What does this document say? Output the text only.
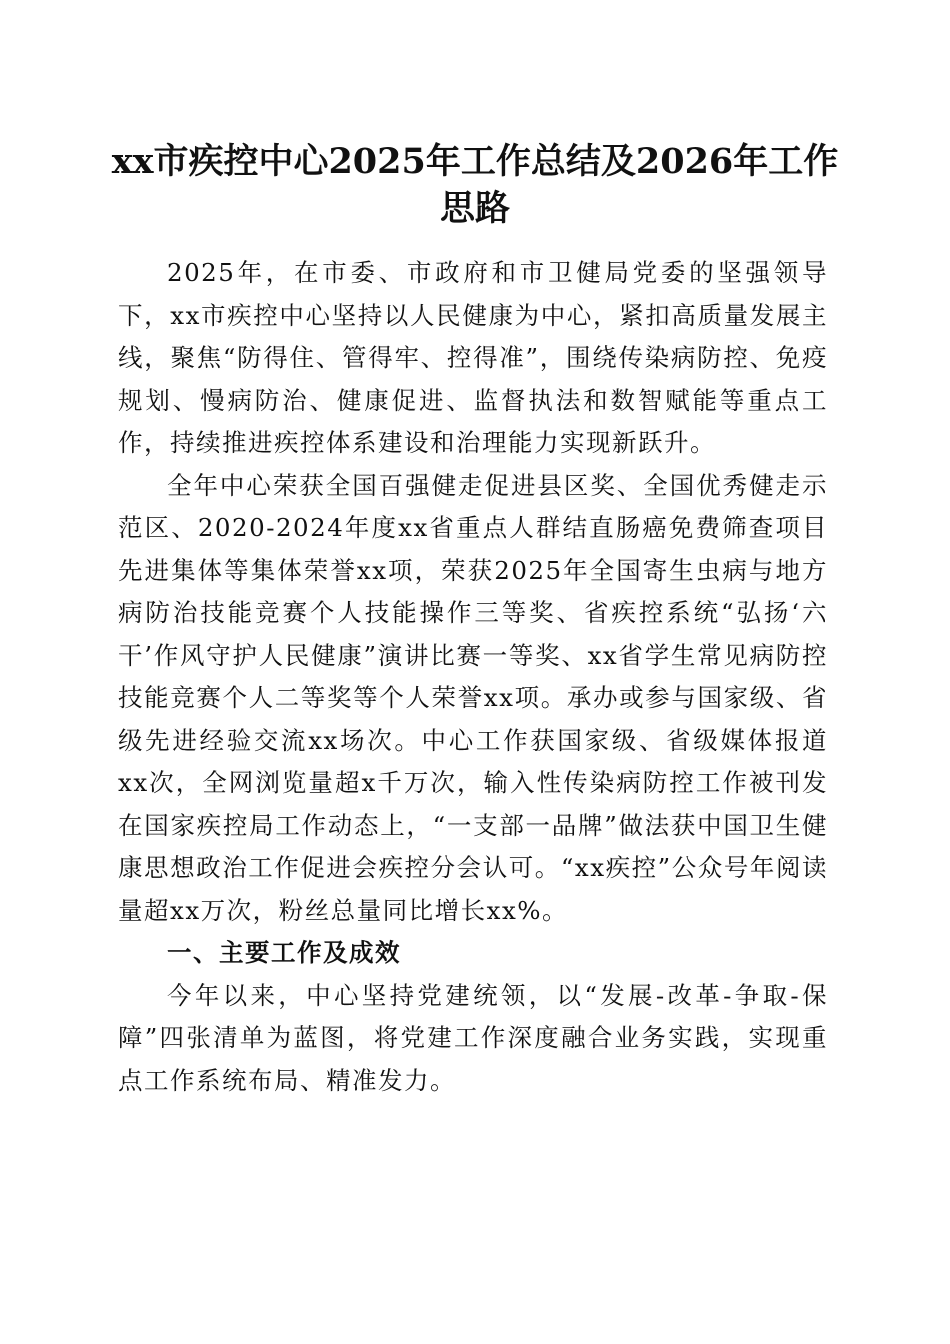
xx市疾控中心2025年工作总结及2026年工作思路

2025年，在市委、市政府和市卫健局党委的坚强领导下，xx市疾控中心坚持以人民健康为中心，紧扣高质量发展主线，聚焦“防得住、管得牢、控得准”，围绕传染病防控、免疫规划、慢病防治、健康促进、监督执法和数智赋能等重点工作，持续推进疾控体系建设和治理能力实现新跃升。

全年中心荣获全国百强健走促进县区奖、全国优秀健走示范区、2020-2024年度xx省重点人群结直肠癌免费筛查项目先进集体等集体荣誉xx项，荣获2025年全国寄生虫病与地方病防治技能竞赛个人技能操作三等奖、省疾控系统“弘扬‘六干’作风守护人民健康”演讲比赛一等奖、xx省学生常见病防控技能竞赛个人二等奖等个人荣誉xx项。承办或参与国家级、省级先进经验交流xx场次。中心工作获国家级、省级媒体报道xx次，全网浏览量超x千万次，输入性传染病防控工作被刊发在国家疾控局工作动态上，“一支部一品牌”做法获中国卫生健康思想政治工作促进会疾控分会认可。“xx疾控”公众号年阅读量超xx万次，粉丝总量同比增长xx%。

一、主要工作及成效

今年以来，中心坚持党建统领，以“发展-改革-争取-保障”四张清单为蓝图，将党建工作深度融合业务实践，实现重点工作系统布局、精准发力。
